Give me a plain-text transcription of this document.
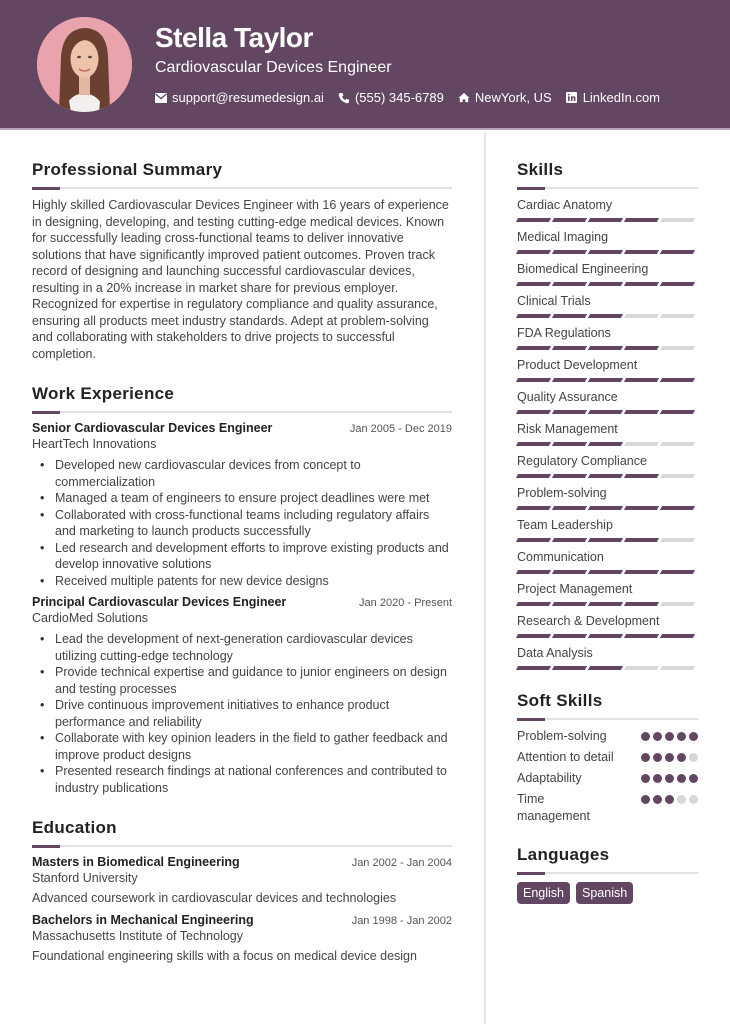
Stella Taylor
Cardiovascular Devices Engineer
support@resumedesign.ai (555) 345-6789 NewYork, US LinkedIn.com
Professional Summary

Highly skilled Cardiovascular Devices Engineer with 16 years of experience in designing, developing, and testing cutting-edge medical devices. Known for successfully leading cross-functional teams to deliver innovative solutions that have significantly improved patient outcomes. Proven track record of designing and launching successful cardiovascular devices, resulting in a 20% increase in market share for previous employer. Recognized for expertise in regulatory compliance and quality assurance, ensuring all products meet industry standards. Adept at problem-solving and collaborating with stakeholders to drive projects to successful completion.

Work Experience
Senior Cardiovascular Devices Engineer	Jan 2005 - Dec 2019
HeartTech Innovations
• Developed new cardiovascular devices from concept to commercialization
• Managed a team of engineers to ensure project deadlines were met
• Collaborated with cross-functional teams including regulatory affairs and marketing to launch products successfully
• Led research and development efforts to improve existing products and develop innovative solutions
• Received multiple patents for new device designs
Principal Cardiovascular Devices Engineer	Jan 2020 - Present
CardioMed Solutions
• Lead the development of next-generation cardiovascular devices utilizing cutting-edge technology
• Provide technical expertise and guidance to junior engineers on design and testing processes
• Drive continuous improvement initiatives to enhance product performance and reliability
• Collaborate with key opinion leaders in the field to gather feedback and improve product designs
• Presented research findings at national conferences and contributed to industry publications
Education
Masters in Biomedical Engineering	Jan 2002 - Jan 2004
Stanford University
Advanced coursework in cardiovascular devices and technologies
Bachelors in Mechanical Engineering	Jan 1998 - Jan 2002
Massachusetts Institute of Technology
Foundational engineering skills with a focus on medical device design
Skills
Cardiac Anatomy
Medical Imaging
Biomedical Engineering
Clinical Trials
FDA Regulations
Product Development
Quality Assurance
Risk Management
Regulatory Compliance
Problem-solving
Team Leadership
Communication
Project Management
Research & Development
Data Analysis
Soft Skills
Problem-solving
Attention to detail
Adaptability
Time management
Languages
English	Spanish
